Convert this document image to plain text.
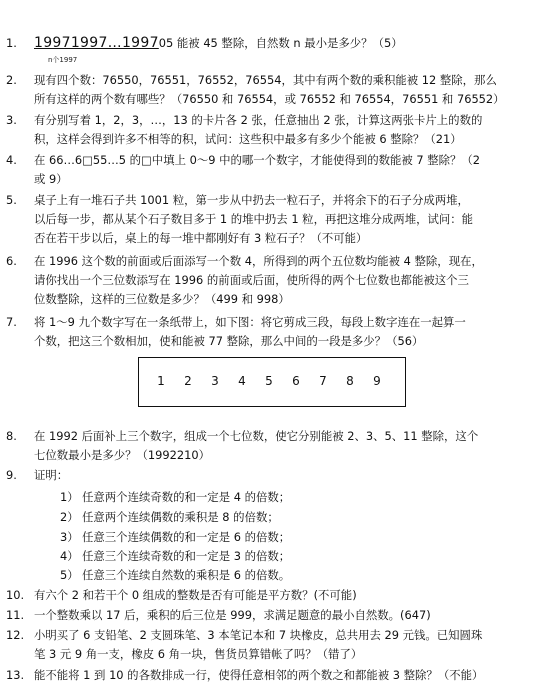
1.	19971997…199705 能被 45 整除，自然数 n 最小是多少？（5）
n个1997
2.	现有四个数：76550，76551，76552，76554，其中有两个数的乘积能被 12 整除，那么
所有这样的两个数有哪些？（76550 和 76554，或 76552 和 76554，76551 和 76552）
3.	有分别写着 1，2，3，…，13 的卡片各 2 张，任意抽出 2 张，计算这两张卡片上的数的
积，这样会得到许多不相等的积，试问：这些积中最多有多少个能被 6 整除？（21）
4.	在 66…6□55…5 的□中填上 0～9 中的哪一个数字，才能使得到的数能被 7 整除？（2
或 9）
5.	桌子上有一堆石子共 1001 粒，第一步从中扔去一粒石子，并将余下的石子分成两堆，
以后每一步，都从某个石子数目多于 1 的堆中扔去 1 粒，再把这堆分成两堆，试问：能
否在若干步以后，桌上的每一堆中都刚好有 3 粒石子？（不可能）
6.	在 1996 这个数的前面或后面添写一个数 4，所得到的两个五位数均能被 4 整除，现在，
请你找出一个三位数添写在 1996 的前面或后面，使所得的两个七位数也都能被这个三
位数整除，这样的三位数是多少？（499 和 998）
7.	将 1～9 九个数字写在一条纸带上，如下图：将它剪成三段，每段上数字连在一起算一
个数，把这三个数相加，使和能被 77 整除，那么中间的一段是多少？（56）
1 2 3 4 5 6 7 8 9
8.	在 1992 后面补上三个数字，组成一个七位数，使它分别能被 2、3、5、11 整除，这个
七位数最小是多少？（1992210）
9.	证明：
1） 任意两个连续奇数的和一定是 4 的倍数；
2） 任意两个连续偶数的乘积是 8 的倍数；
3） 任意三个连续偶数的和一定是 6 的倍数；
4） 任意三个连续奇数的和一定是 3 的倍数；
5） 任意三个连续自然数的乘积是 6 的倍数。
10. 有六个 2 和若干个 0 组成的整数是否有可能是平方数？(不可能)
11. 一个整数乘以 17 后，乘积的后三位是 999，求满足题意的最小自然数。(647)
12. 小明买了 6 支铅笔、2 支圆珠笔、3 本笔记本和 7 块橡皮，总共用去 29 元钱。已知圆珠
笔 3 元 9 角一支，橡皮 6 角一块，售货员算错帐了吗？（错了）
13. 能不能将 1 到 10 的各数排成一行，使得任意相邻的两个数之和都能被 3 整除？（不能）
